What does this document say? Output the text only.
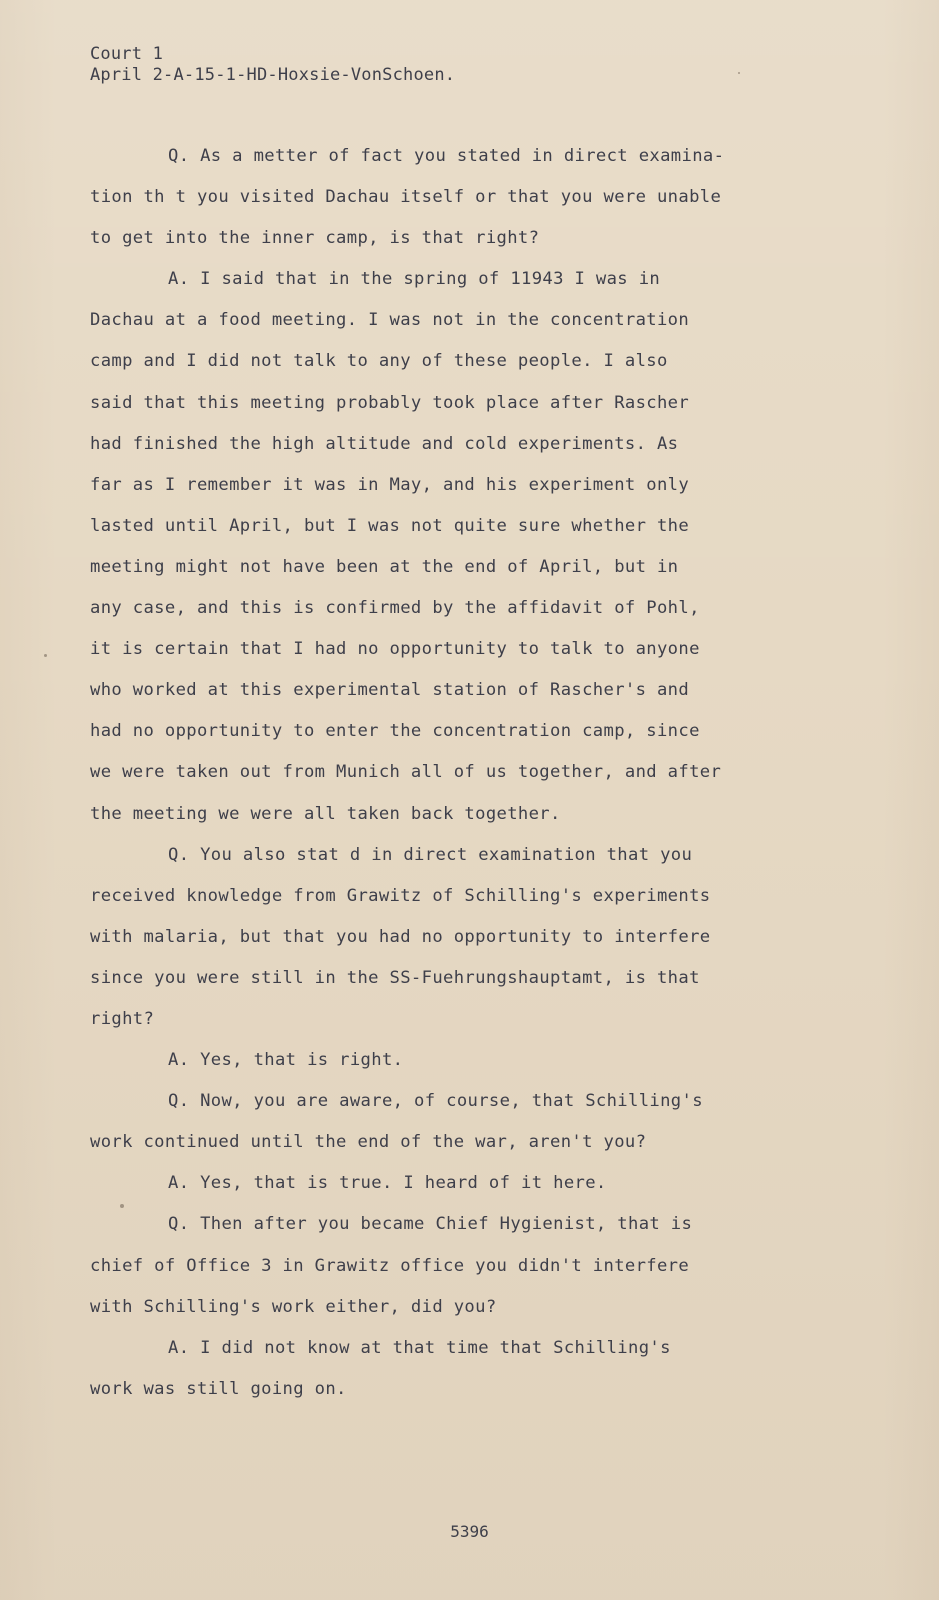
Court 1
April 2-A-15-1-HD-Hoxsie-VonSchoen.
Q. As a metter of fact you stated in direct examina-
tion th t you visited Dachau itself or that you were unable
to get into the inner camp, is that right?
A. I said that in the spring of 11943 I was in
Dachau at a food meeting. I was not in the concentration
camp and I did not talk to any of these people. I also
said that this meeting probably took place after Rascher
had finished the high altitude and cold experiments. As
far as I remember it was in May, and his experiment only
lasted until April, but I was not quite sure whether the
meeting might not have been at the end of April, but in
any case, and this is confirmed by the affidavit of Pohl,
it is certain that I had no opportunity to talk to anyone
who worked at this experimental station of Rascher's and
had no opportunity to enter the concentration camp, since
we were taken out from Munich all of us together, and after
the meeting we were all taken back together.
Q. You also stat d in direct examination that you
received knowledge from Grawitz of Schilling's experiments
with malaria, but that you had no opportunity to interfere
since you were still in the SS-Fuehrungshauptamt, is that
right?
A. Yes, that is right.
Q. Now, you are aware, of course, that Schilling's
work continued until the end of the war, aren't you?
A. Yes, that is true. I heard of it here.
Q. Then after you became Chief Hygienist, that is
chief of Office 3 in Grawitz office you didn't interfere
with Schilling's work either, did you?
A. I did not know at that time that Schilling's
work was still going on.
5396
